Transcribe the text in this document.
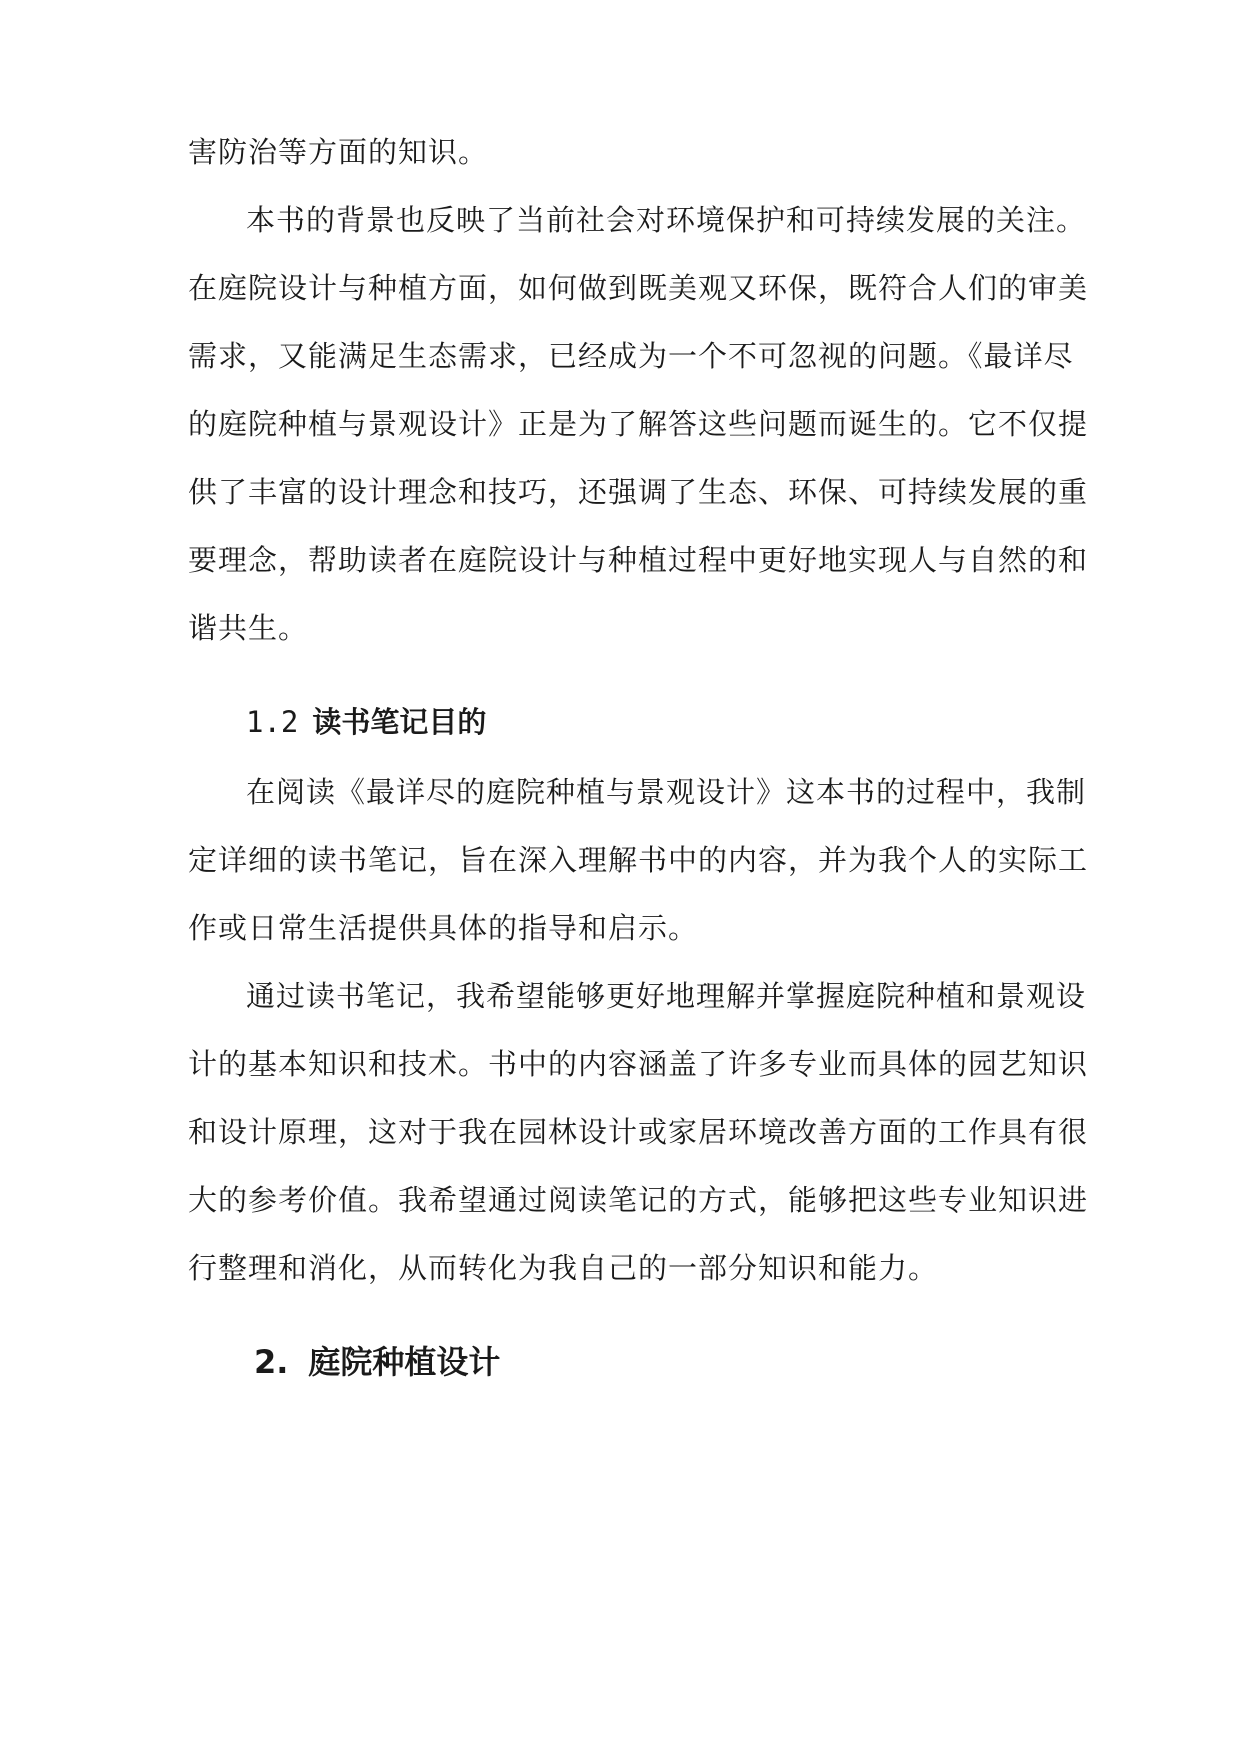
害防治等方面的知识。
本书的背景也反映了当前社会对环境保护和可持续发展的关注。
在庭院设计与种植方面，如何做到既美观又环保，既符合人们的审美
需求，又能满足生态需求，已经成为一个不可忽视的问题。《最详尽
的庭院种植与景观设计》正是为了解答这些问题而诞生的。它不仅提
供了丰富的设计理念和技巧，还强调了生态、环保、可持续发展的重
要理念，帮助读者在庭院设计与种植过程中更好地实现人与自然的和
谐共生。
1.2 读书笔记目的
在阅读《最详尽的庭院种植与景观设计》这本书的过程中，我制
定详细的读书笔记，旨在深入理解书中的内容，并为我个人的实际工
作或日常生活提供具体的指导和启示。
通过读书笔记，我希望能够更好地理解并掌握庭院种植和景观设
计的基本知识和技术。书中的内容涵盖了许多专业而具体的园艺知识
和设计原理，这对于我在园林设计或家居环境改善方面的工作具有很
大的参考价值。我希望通过阅读笔记的方式，能够把这些专业知识进
行整理和消化，从而转化为我自己的一部分知识和能力。
2. 庭院种植设计
